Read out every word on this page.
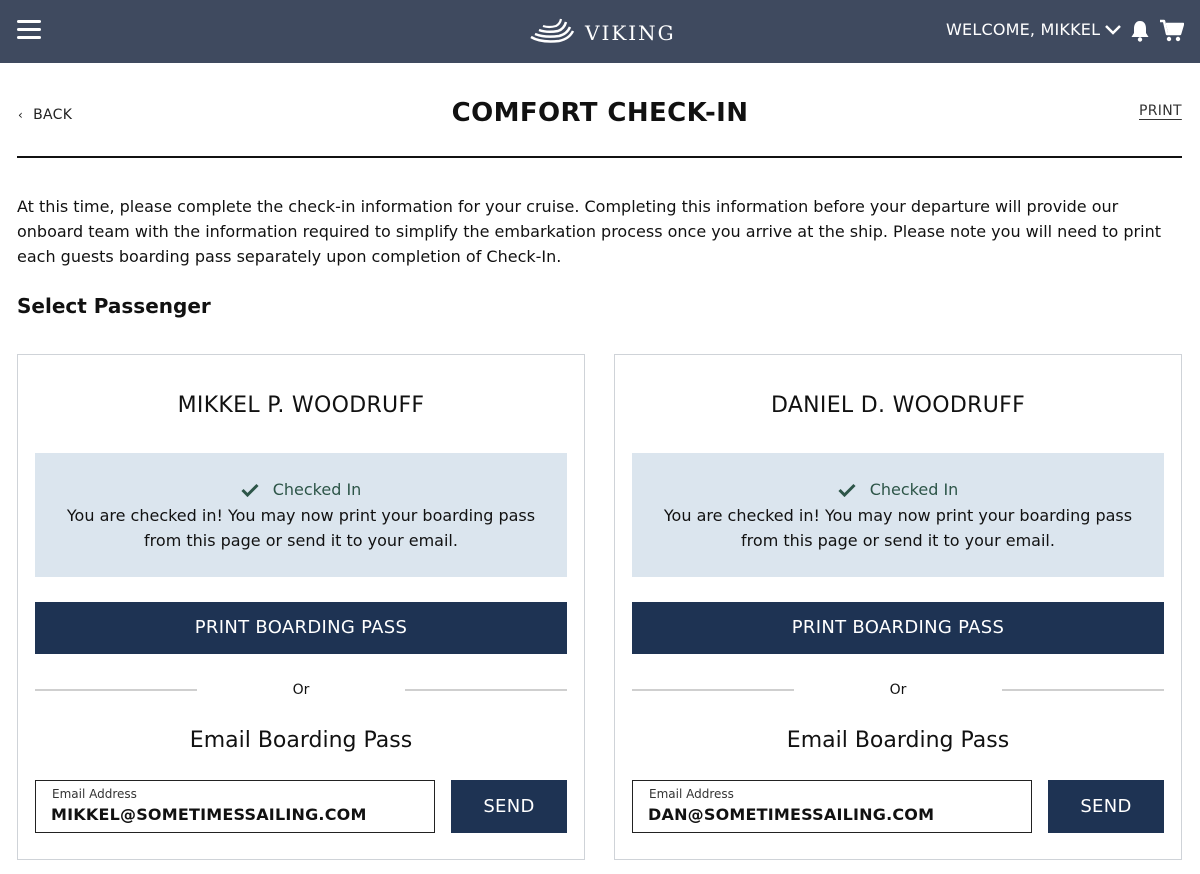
VIKING	WELCOME, MIKKEL
‹ BACK	COMFORT CHECK-IN	PRINT

At this time, please complete the check-in information for your cruise. Completing this information before your departure will provide our onboard team with the information required to simplify the embarkation process once you arrive at the ship. Please note you will need to print each guests boarding pass separately upon completion of Check-In.

Select Passenger
MIKKEL P. WOODRUFF
Checked In
You are checked in! You may now print your boarding pass from this page or send it to your email.
PRINT BOARDING PASS
Or
Email Boarding Pass
Email Address
MIKKEL@SOMETIMESSAILING.COM
SEND
DANIEL D. WOODRUFF
Checked In
You are checked in! You may now print your boarding pass from this page or send it to your email.
PRINT BOARDING PASS
Or
Email Boarding Pass
Email Address
DAN@SOMETIMESSAILING.COM
SEND
